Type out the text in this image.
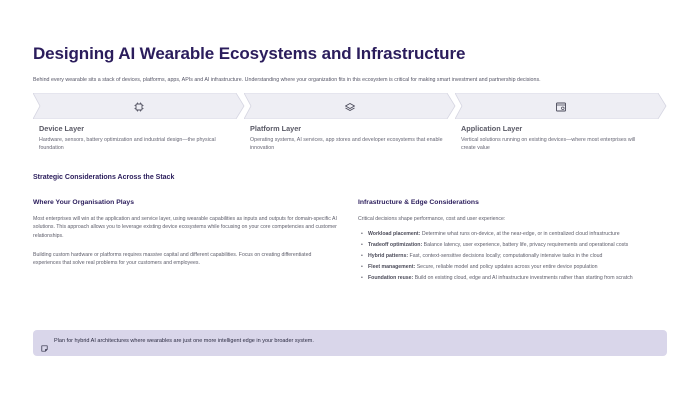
Designing AI Wearable Ecosystems and Infrastructure

Behind every wearable sits a stack of devices, platforms, apps, APIs and AI infrastructure. Understanding where your organization fits in this ecosystem is critical for making smart investment and partnership decisions.

Device Layer
Hardware, sensors, battery optimization and industrial design—the physical foundation
Platform Layer
Operating systems, AI services, app stores and developer ecosystems that enable innovation
Application Layer
Vertical solutions running on existing devices—where most enterprises will create value
Strategic Considerations Across the Stack
Where Your Organisation Plays

Most enterprises will win at the application and service layer, using wearable capabilities as inputs and outputs for domain-specific AI solutions. This approach allows you to leverage existing device ecosystems while focusing on your core competencies and customer relationships.

Building custom hardware or platforms requires massive capital and different capabilities. Focus on creating differentiated experiences that solve real problems for your customers and employees.

Infrastructure & Edge Considerations

Critical decisions shape performance, cost and user experience:

• Workload placement: Determine what runs on-device, at the near-edge, or in centralized cloud infrastructure
• Tradeoff optimization: Balance latency, user experience, battery life, privacy requirements and operational costs
• Hybrid patterns: Fast, context-sensitive decisions locally; computationally intensive tasks in the cloud
• Fleet management: Secure, reliable model and policy updates across your entire device population
• Foundation reuse: Build on existing cloud, edge and AI infrastructure investments rather than starting from scratch
Plan for hybrid AI architectures where wearables are just one more intelligent edge in your broader system.
